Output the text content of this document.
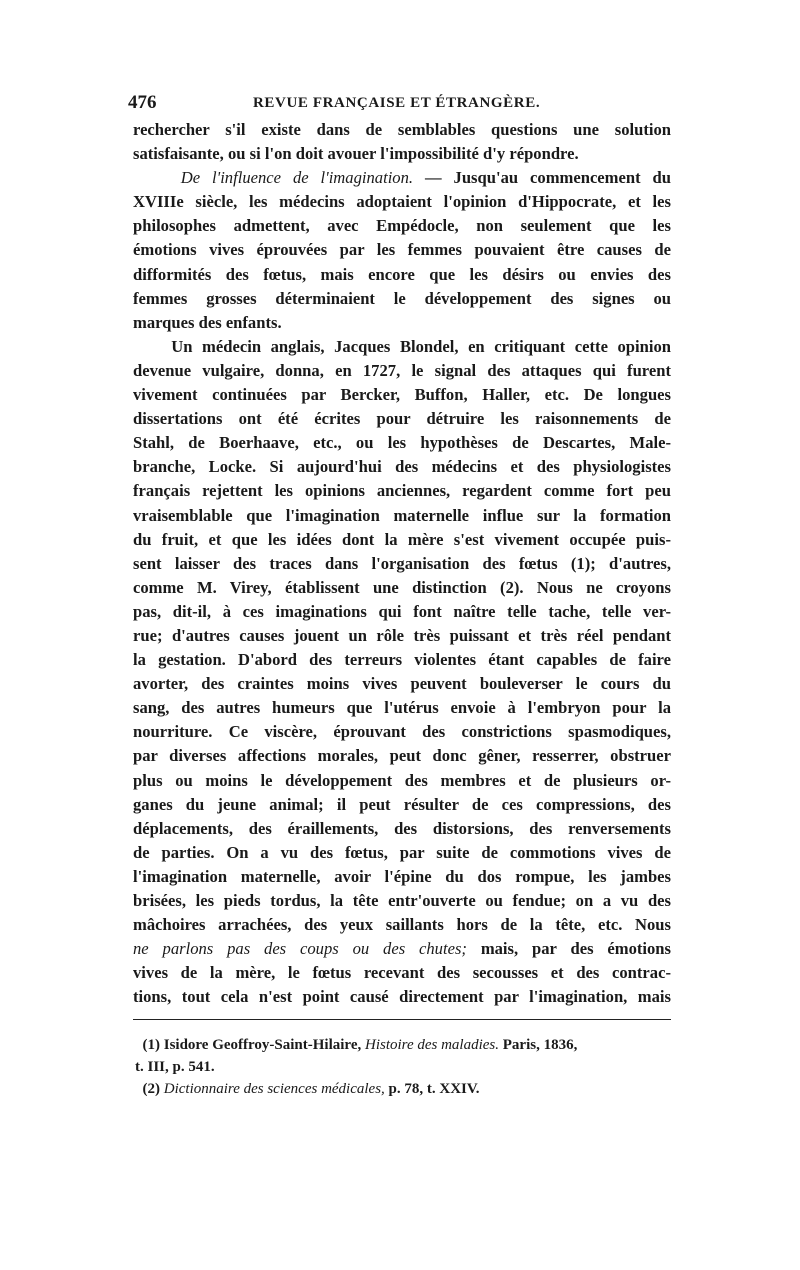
476	REVUE FRANÇAISE ET ÉTRANGÈRE.

rechercher s'il existe dans de semblables questions une solution
satisfaisante, ou si l'on doit avouer l'impossibilité d'y répondre.

​    De l'influence de l'imagination. — Jusqu'au commencement du
XVIIIe siècle, les médecins adoptaient l'opinion d'Hippocrate, et les
philosophes admettent, avec Empédocle, non seulement que les
émotions vives éprouvées par les femmes pouvaient être causes de
difformités des fœtus, mais encore que les désirs ou envies des
femmes grosses déterminaient le développement des signes ou
marques des enfants.

Un médecin anglais, Jacques Blondel, en critiquant cette opinion
devenue vulgaire, donna, en 1727, le signal des attaques qui furent
vivement continuées par Bercker, Buffon, Haller, etc. De longues
dissertations ont été écrites pour détruire les raisonnements de
Stahl, de Boerhaave, etc., ou les hypothèses de Descartes, Male-
branche, Locke. Si aujourd'hui des médecins et des physiologistes
français rejettent les opinions anciennes, regardent comme fort peu
vraisemblable que l'imagination maternelle influe sur la formation
du fruit, et que les idées dont la mère s'est vivement occupée puis-
sent laisser des traces dans l'organisation des fœtus (1); d'autres,
comme M. Virey, établissent une distinction (2). Nous ne croyons
pas, dit-il, à ces imaginations qui font naître telle tache, telle ver-
rue; d'autres causes jouent un rôle très puissant et très réel pendant
la gestation. D'abord des terreurs violentes étant capables de faire
avorter, des craintes moins vives peuvent bouleverser le cours du
sang, des autres humeurs que l'utérus envoie à l'embryon pour la
nourriture. Ce viscère, éprouvant des constrictions spasmodiques,
par diverses affections morales, peut donc gêner, resserrer, obstruer
plus ou moins le développement des membres et de plusieurs or-
ganes du jeune animal; il peut résulter de ces compressions, des
déplacements, des éraillements, des distorsions, des renversements
de parties. On a vu des fœtus, par suite de commotions vives de
l'imagination maternelle, avoir l'épine du dos rompue, les jambes
brisées, les pieds tordus, la tête entr'ouverte ou fendue; on a vu des
mâchoires arrachées, des yeux saillants hors de la tête, etc. Nous
ne parlons pas des coups ou des chutes; mais, par des émotions
vives de la mère, le fœtus recevant des secousses et des contrac-
tions, tout cela n'est point causé directement par l'imagination, mais

(1) Isidore Geoffroy-Saint-Hilaire, Histoire des maladies. Paris, 1836,
t. III, p. 541.
(2) Dictionnaire des sciences médicales, p. 78, t. XXIV.
